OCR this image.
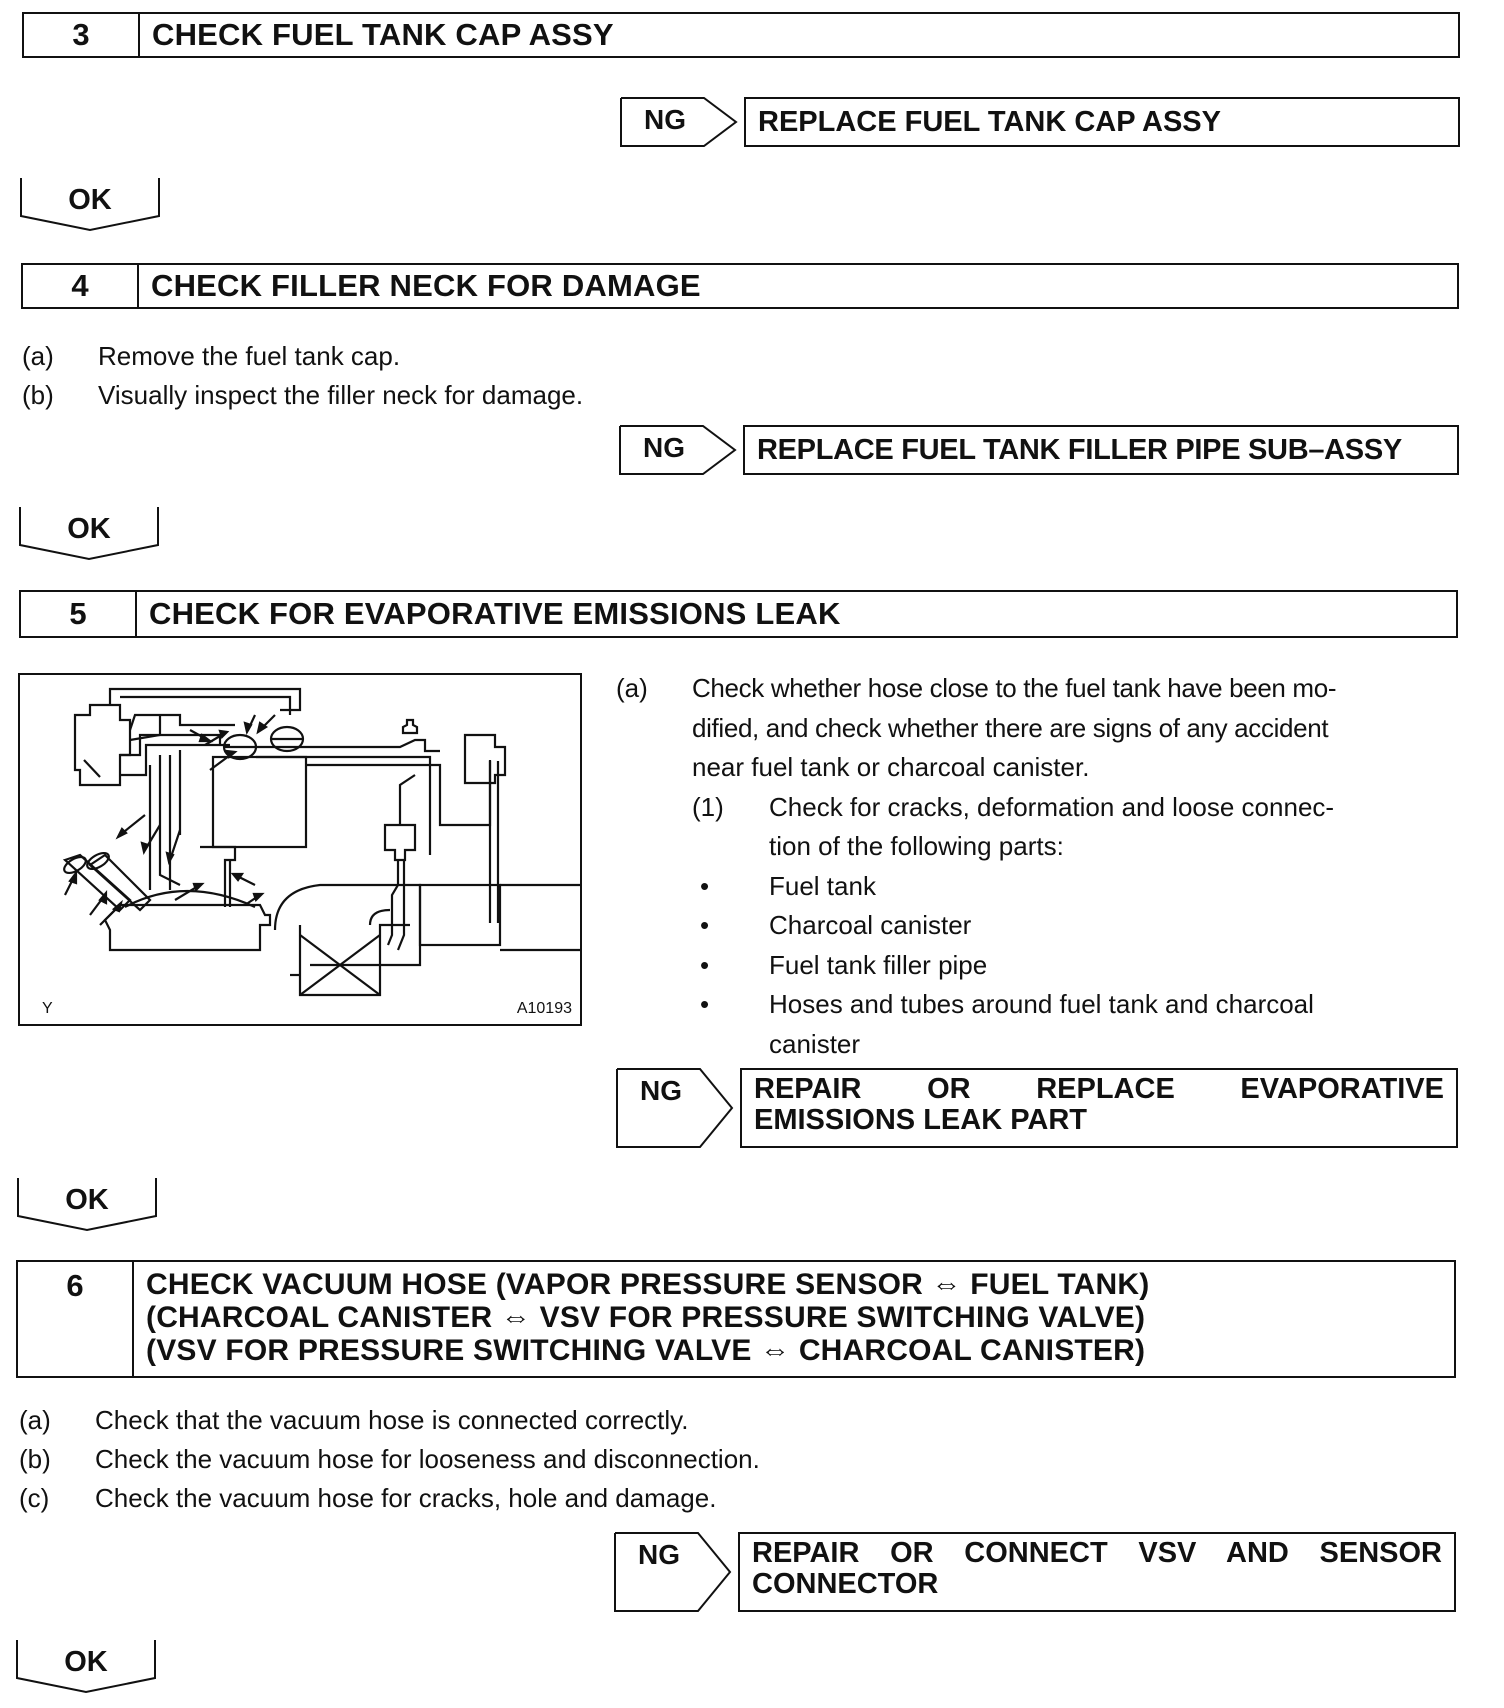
3	CHECK FUEL TANK CAP ASSY
NG	REPLACE FUEL TANK CAP ASSY
OK
4	CHECK FILLER NECK FOR DAMAGE
(a) Remove the fuel tank cap.
(b) Visually inspect the filler neck for damage.
NG	REPLACE FUEL TANK FILLER PIPE SUB–ASSY
OK
5	CHECK FOR EVAPORATIVE EMISSIONS LEAK
Y	A10193
(a) Check whether hose close to the fuel tank have been mo-
dified, and check whether there are signs of any accident
near fuel tank or charcoal canister.
(1) Check for cracks, deformation and loose connec-
tion of the following parts:
• Fuel tank
• Charcoal canister
• Fuel tank filler pipe
• Hoses and tubes around fuel tank and charcoal
canister
NG	REPAIR OR REPLACE EVAPORATIVE
EMISSIONS LEAK PART
OK
6	CHECK VACUUM HOSE (VAPOR PRESSURE SENSOR ⇔ FUEL TANK)
(CHARCOAL CANISTER ⇔ VSV FOR PRESSURE SWITCHING VALVE)
(VSV FOR PRESSURE SWITCHING VALVE ⇔ CHARCOAL CANISTER)
(a) Check that the vacuum hose is connected correctly.
(b) Check the vacuum hose for looseness and disconnection.
(c) Check the vacuum hose for cracks, hole and damage.
NG	REPAIR OR CONNECT VSV AND SENSOR
CONNECTOR
OK
